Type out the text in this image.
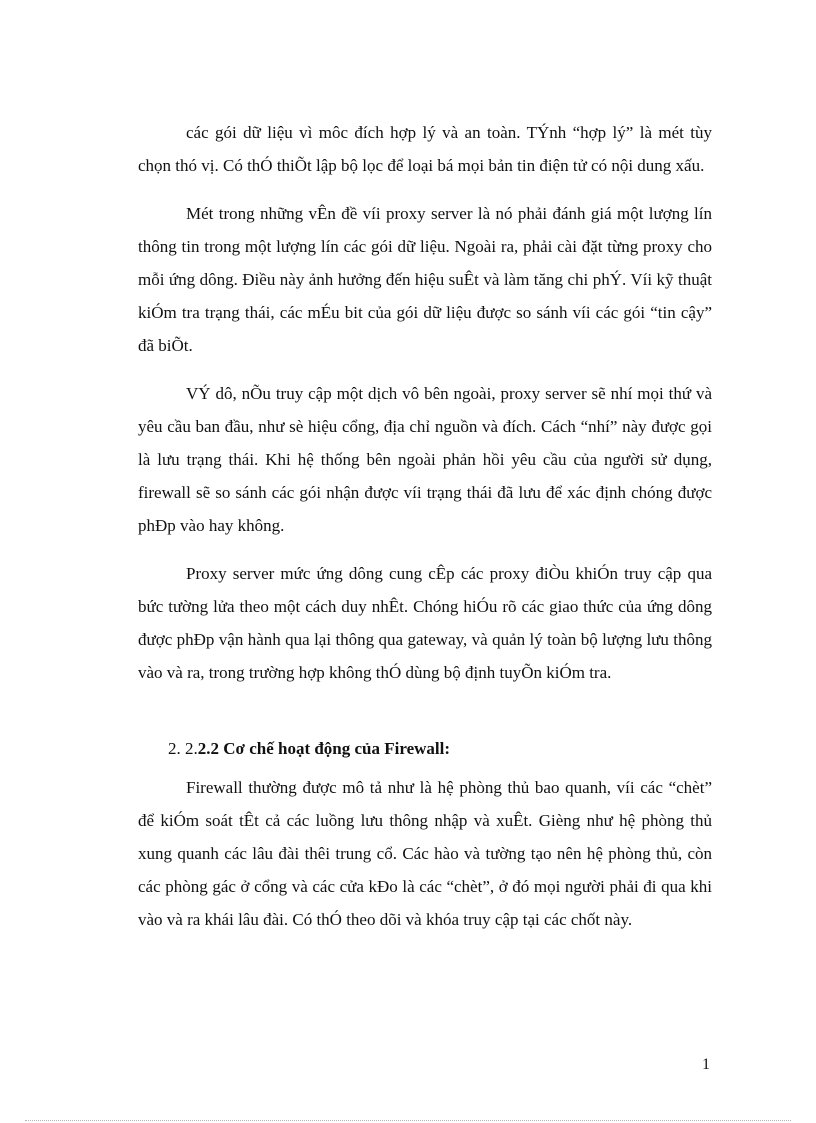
các gói dữ liệu vì môc đích hợp lý và an toàn. TÝnh “hợp lý” là mét tùy chọn thó vị. Có thÓ thiÕt lập bộ lọc để loại bá mọi bản tin điện tử có nội dung xấu.

Mét trong những vÊn đề víi proxy server là nó phải đánh giá một lượng lín thông tin trong một lượng lín các gói dữ liệu. Ngoài ra, phải cài đặt từng proxy cho mỗi ứng dông. Điều này ảnh hưởng đến hiệu suÊt và làm tăng chi phÝ. Víi kỹ thuật kiÓm tra trạng thái, các mÉu bit của gói dữ liệu được so sánh víi các gói “tin cậy” đã biÕt.

VÝ dô, nÕu truy cập một dịch vô bên ngoài, proxy server sẽ nhí mọi thứ và yêu cầu ban đầu, như sè hiệu cổng, địa chỉ nguồn và đích. Cách “nhí” này được gọi là lưu trạng thái. Khi hệ thống bên ngoài phản hồi yêu cầu của người sử dụng, firewall sẽ so sánh các gói nhận được víi trạng thái đã lưu để xác định chóng được phÐp vào hay không.

Proxy server mức ứng dông cung cÊp các proxy điÒu khiÓn truy cập qua bức tường lửa theo một cách duy nhÊt. Chóng hiÓu rõ các giao thức của ứng dông được phÐp vận hành qua lại thông qua gateway, và quản lý toàn bộ lượng lưu thông vào và ra, trong trường hợp không thÓ dùng bộ định tuyÕn kiÓm tra.

2. 2.2.2 Cơ chế hoạt động của Firewall:

Firewall thường được mô tả như là hệ phòng thủ bao quanh, víi các “chèt” để kiÓm soát tÊt cả các luồng lưu thông nhập và xuÊt. Gièng như hệ phòng thủ xung quanh các lâu đài thêi trung cổ. Các hào và tường tạo nên hệ phòng thủ, còn các phòng gác ở cổng và các cửa kÐo là các “chèt”, ở đó mọi người phải đi qua khi vào và ra khái lâu đài. Có thÓ theo dõi và khóa truy cập tại các chốt này.

1
